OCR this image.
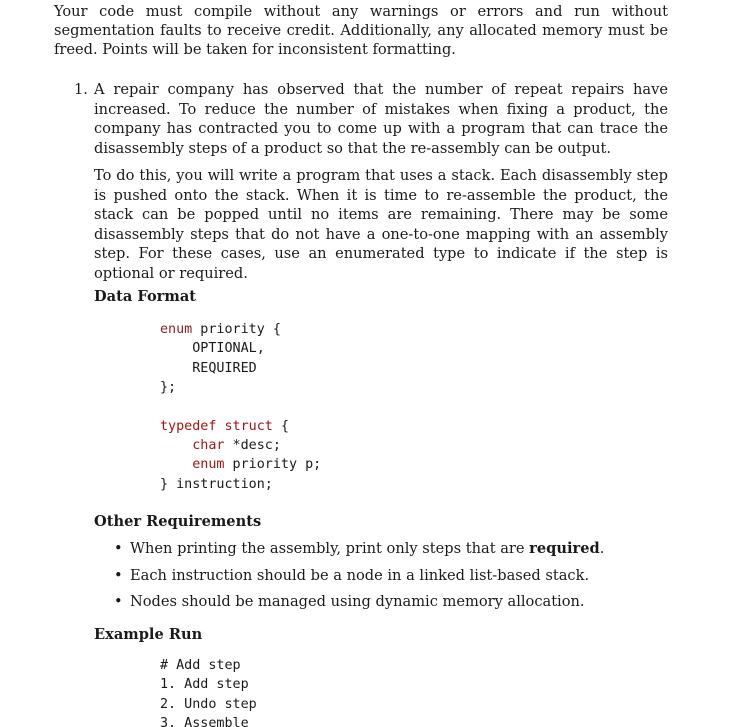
Your code must compile without any warnings or errors and run without segmentation faults to receive credit. Additionally, any allocated memory must be freed. Points will be taken for inconsistent formatting.
1. A repair company has observed that the number of repeat repairs have increased. To reduce the number of mistakes when fixing a product, the company has contracted you to come up with a program that can trace the disassembly steps of a product so that the re-assembly can be output.

To do this, you will write a program that uses a stack. Each disassembly step is pushed onto the stack. When it is time to re-assemble the product, the stack can be popped until no items are remaining. There may be some disassembly steps that do not have a one-to-one mapping with an assembly step. For these cases, use an enumerated type to indicate if the step is optional or required.

Data Format

enum priority {
OPTIONAL,
REQUIRED
};
typedef struct {
char *desc;
enum priority p;
} instruction;

Other Requirements

• When printing the assembly, print only steps that are required.
• Each instruction should be a node in a linked list-based stack.
• Nodes should be managed using dynamic memory allocation.

Example Run

# Add step
1. Add step
2. Undo step
3. Assemble
